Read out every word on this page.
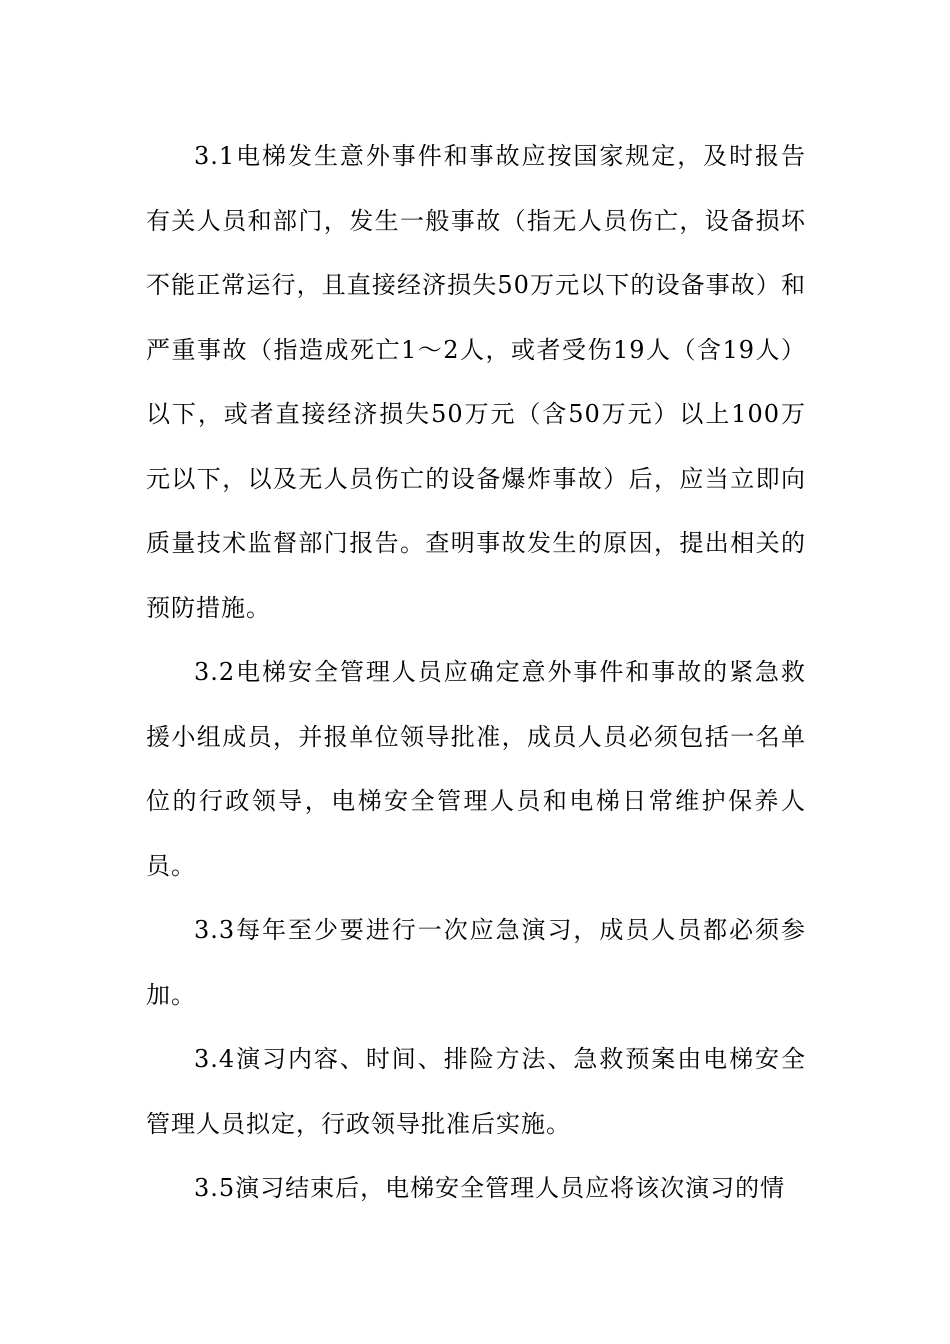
3.1电梯发生意外事件和事故应按国家规定，及时报告有关人员和部门，发生一般事故（指无人员伤亡，设备损坏不能正常运行，且直接经济损失50万元以下的设备事故）和严重事故（指造成死亡1～2人，或者受伤19人（含19人）以下，或者直接经济损失50万元（含50万元）以上100万元以下，以及无人员伤亡的设备爆炸事故）后，应当立即向质量技术监督部门报告。查明事故发生的原因，提出相关的预防措施。

3.2电梯安全管理人员应确定意外事件和事故的紧急救援小组成员，并报单位领导批准，成员人员必须包括一名单位的行政领导，电梯安全管理人员和电梯日常维护保养人员。

3.3每年至少要进行一次应急演习，成员人员都必须参加。

3.4演习内容、时间、排险方法、急救预案由电梯安全管理人员拟定，行政领导批准后实施。

3.5演习结束后，电梯安全管理人员应将该次演习的情
